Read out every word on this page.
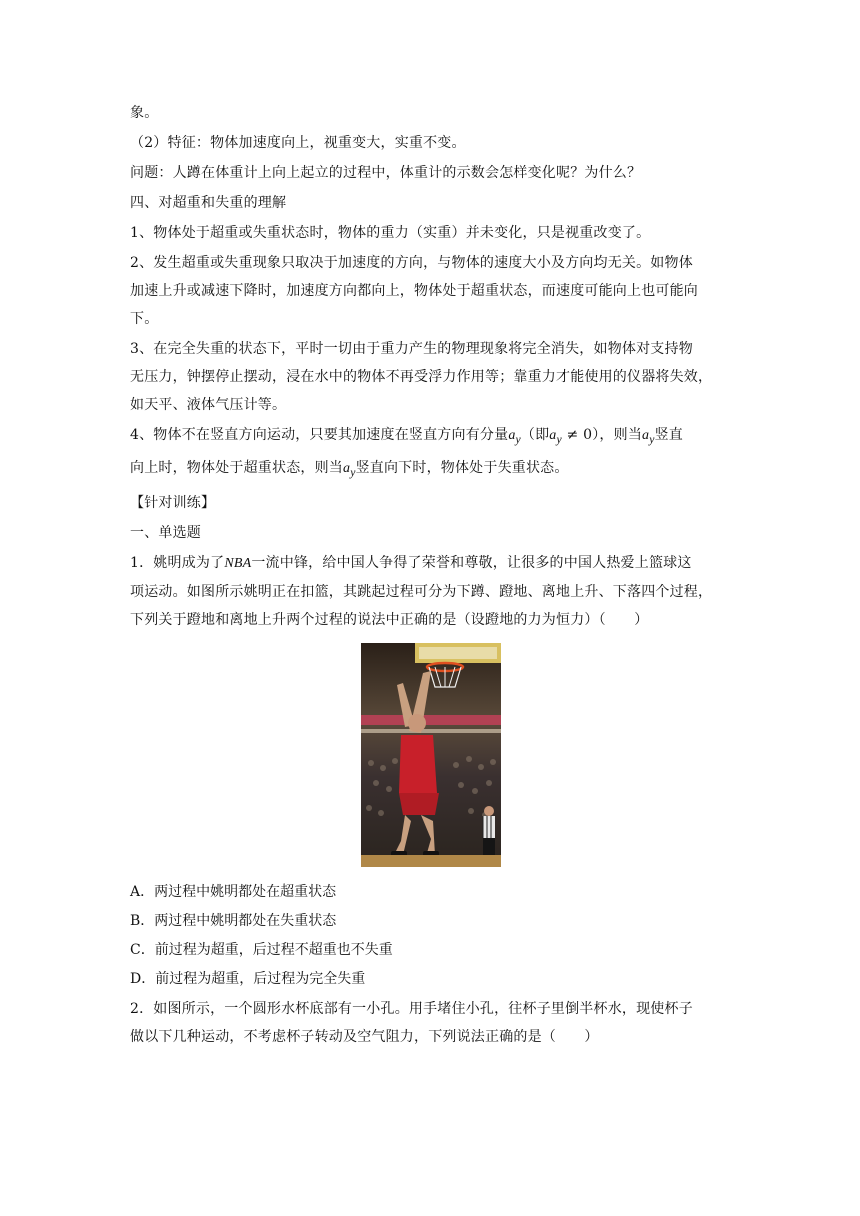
象。

（2）特征：物体加速度向上，视重变大，实重不变。

问题：人蹲在体重计上向上起立的过程中，体重计的示数会怎样变化呢？为什么？

四、对超重和失重的理解

1、物体处于超重或失重状态时，物体的重力（实重）并未变化，只是视重改变了。

2、发生超重或失重现象只取决于加速度的方向，与物体的速度大小及方向均无关。如物体

加速上升或减速下降时，加速度方向都向上，物体处于超重状态，而速度可能向上也可能向

下。

3、在完全失重的状态下，平时一切由于重力产生的物理现象将完全消失，如物体对支持物

无压力，钟摆停止摆动，浸在水中的物体不再受浮力作用等；靠重力才能使用的仪器将失效，

如天平、液体气压计等。

4、物体不在竖直方向运动，只要其加速度在竖直方向有分量$a_y$（即$a_y \ne 0$），则当$a_y$竖直

向上时，物体处于超重状态，则当$a_y$竖直向下时，物体处于失重状态。

【针对训练】

一、单选题

1．姚明成为了NBA一流中锋，给中国人争得了荣誉和尊敬，让很多的中国人热爱上篮球这

项运动。如图所示姚明正在扣篮，其跳起过程可分为下蹲、蹬地、离地上升、下落四个过程，

下列关于蹬地和离地上升两个过程的说法中正确的是（设蹬地的力为恒力）（　　）

A．两过程中姚明都处在超重状态

B．两过程中姚明都处在失重状态

C．前过程为超重，后过程不超重也不失重

D．前过程为超重，后过程为完全失重

2．如图所示，一个圆形水杯底部有一小孔。用手堵住小孔，往杯子里倒半杯水，现使杯子

做以下几种运动，不考虑杯子转动及空气阻力，下列说法正确的是（　　）
